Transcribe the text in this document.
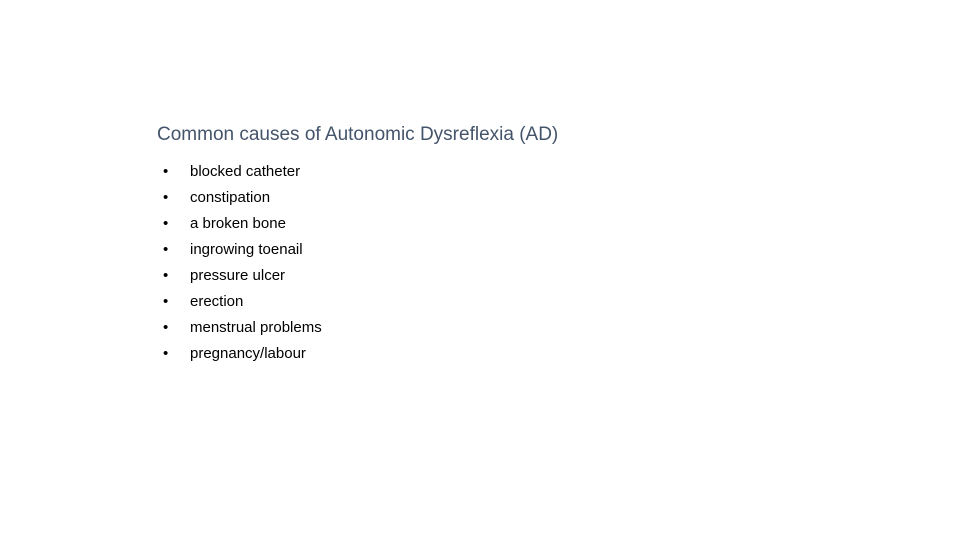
Common causes of Autonomic Dysreflexia (AD)
•	blocked catheter
•	constipation
•	a broken bone
•	ingrowing toenail
•	pressure ulcer
•	erection
•	menstrual problems
•	pregnancy/labour
